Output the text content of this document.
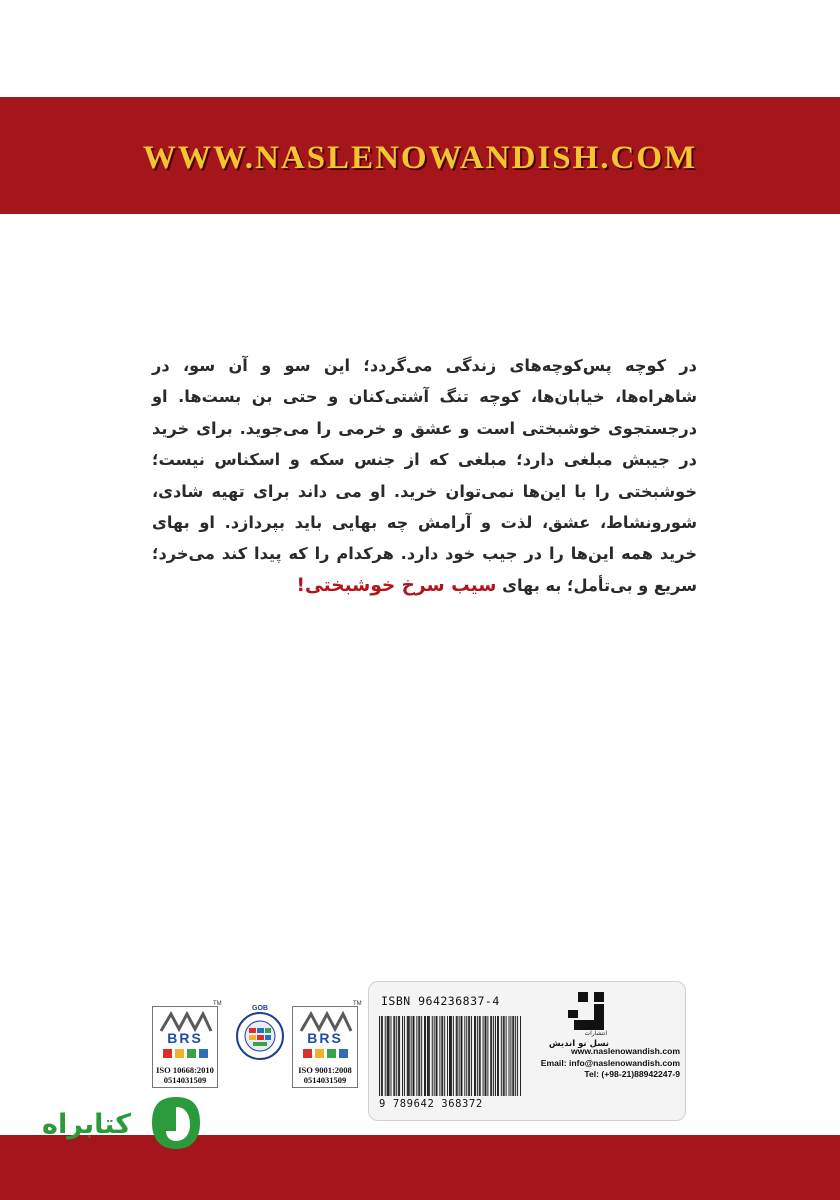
WWW.NASLENOWANDISH.COM
در کوچه پس‌کوچه‌های زندگی می‌گردد؛ این سو و آن سو، در شاهراه‌ها، خیابان‌ها، کوچه تنگ آشتی‌کنان و حتی بن بست‌ها. او درجستجوی خوشبختی است و عشق و خرمی را می‌جوید. برای خرید در جیبش مبلغی دارد؛ مبلغی که از جنس سکه و اسکناس نیست؛ خوشبختی را با این‌ها نمی‌توان خرید. او می داند برای تهیه شادی، شورونشاط، عشق، لذت و آرامش چه بهایی باید بپردازد. او بهای خرید همه این‌ها را در جیب خود دارد. هرکدام را که پیدا کند می‌خرد؛ سریع و بی‌تأمل؛ به بهای سیب سرخ خوشبختی!
BRS
ISO 10668:2010
0514031509
TM
GOB
BRS
ISO 9001:2008
0514031509
TM ISBN 964236837-4
9 789642 368372
انتشارات
نسل نو اندیش
www.naslenowandish.com
Email: info@naslenowandish.com
Tel: (+98-21)88942247-9
کتابراه
